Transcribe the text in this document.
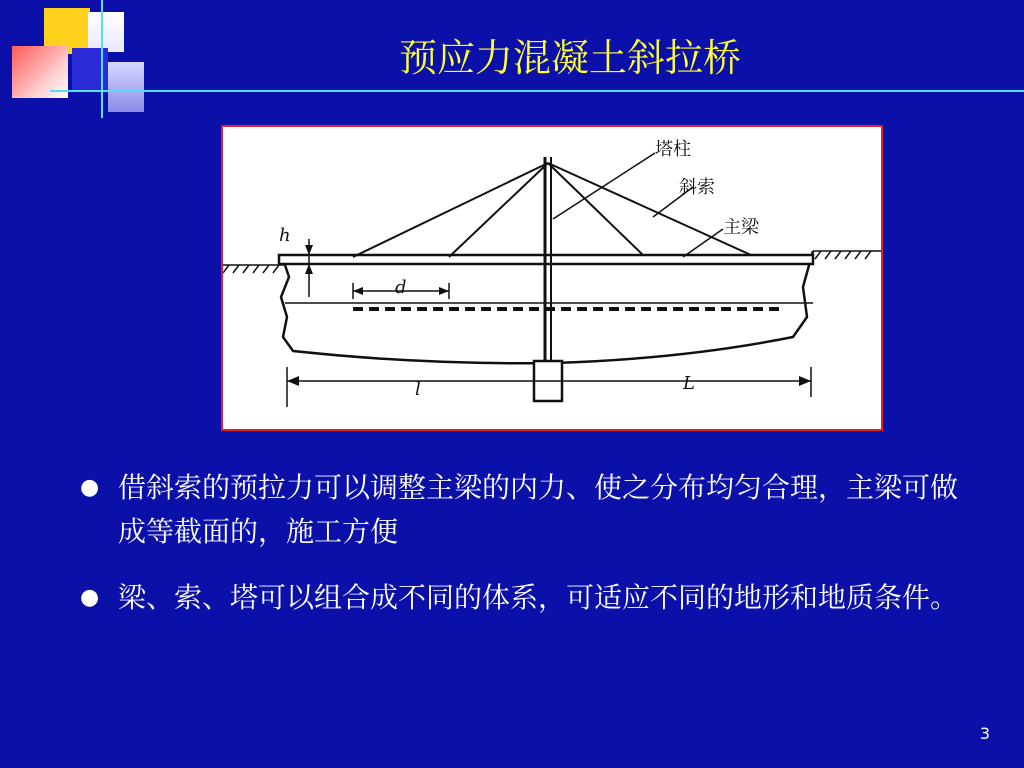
预应力混凝土斜拉桥
塔柱
斜索
主梁
h
d
l	L
● 借斜索的预拉力可以调整主梁的内力、使之分布均匀合理，主梁可做成等截面的，施工方便
● 梁、索、塔可以组合成不同的体系，可适应不同的地形和地质条件。
3
